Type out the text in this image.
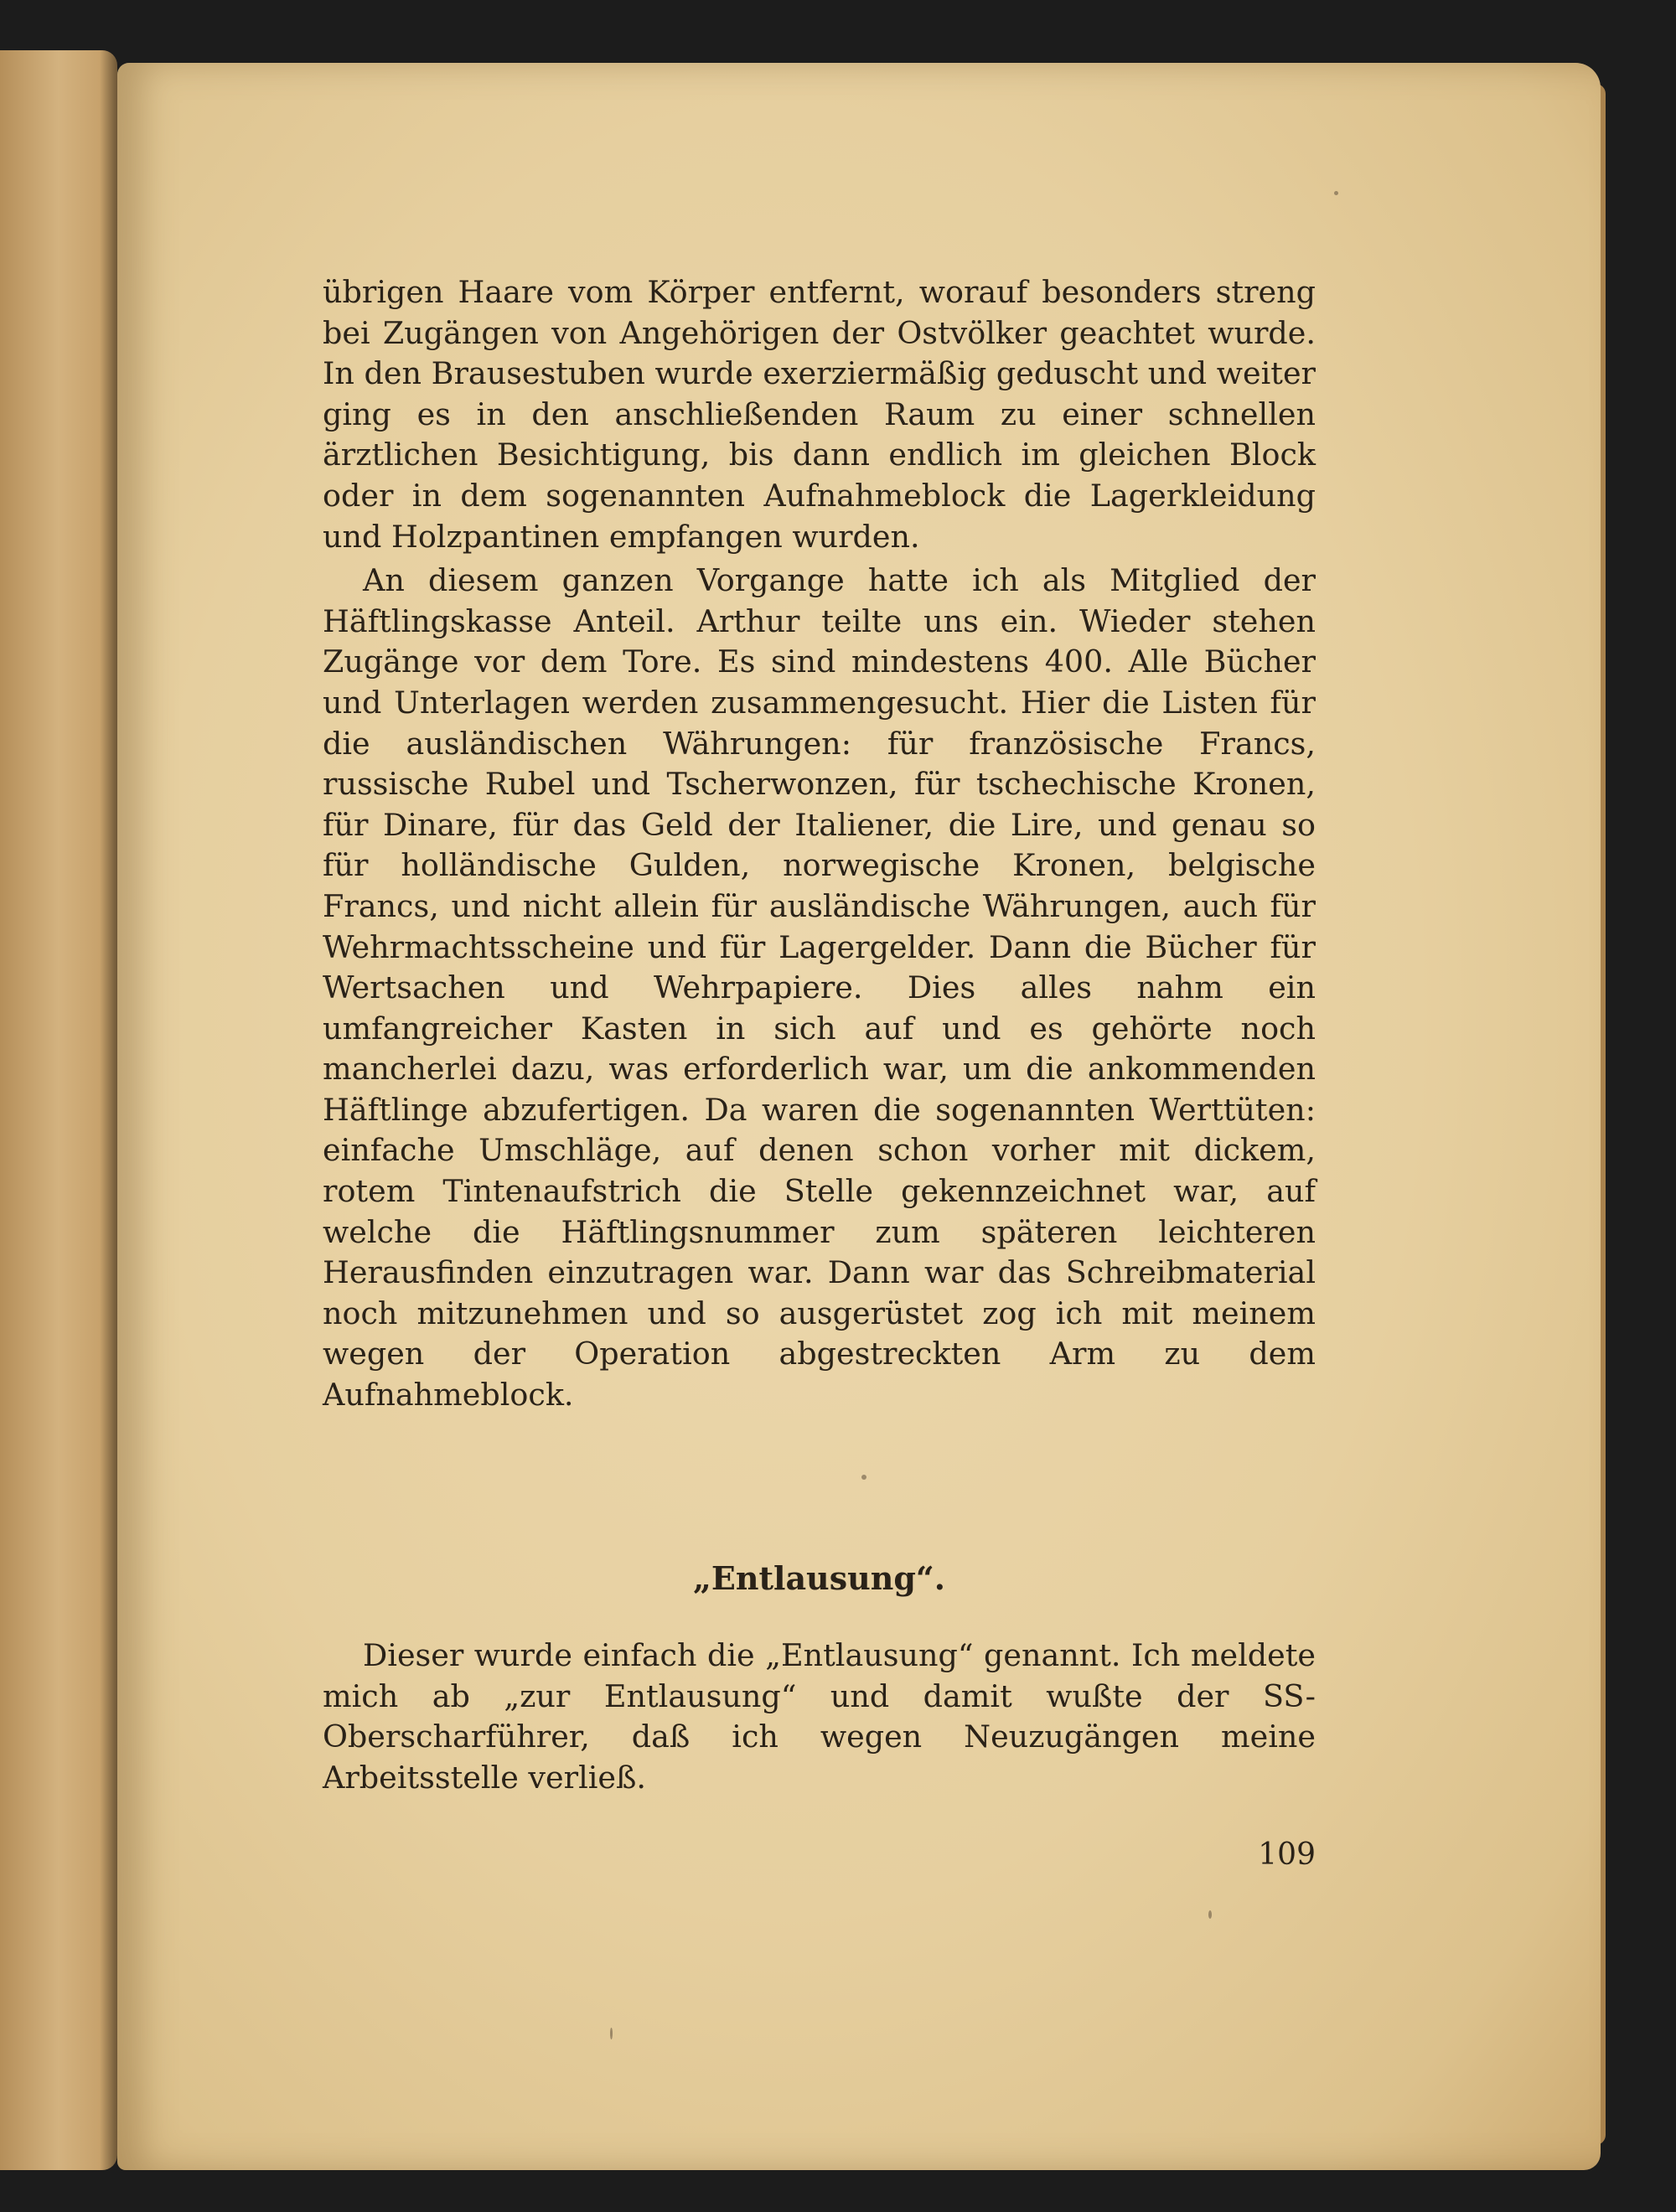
übrigen Haare vom Körper entfernt, worauf besonders streng bei Zugängen von Angehörigen der Ostvölker geachtet wurde. In den Brausestuben wurde exerziermäßig geduscht und weiter ging es in den anschließenden Raum zu einer schnellen ärztlichen Besichtigung, bis dann endlich im gleichen Block oder in dem sogenannten Aufnahmeblock die Lagerkleidung und Holzpantinen empfangen wurden.

An diesem ganzen Vorgange hatte ich als Mitglied der Häftlingskasse Anteil. Arthur teilte uns ein. Wieder stehen Zugänge vor dem Tore. Es sind mindestens 400. Alle Bücher und Unterlagen werden zusammengesucht. Hier die Listen für die ausländischen Währungen: für französische Francs, russische Rubel und Tscherwonzen, für tschechische Kronen, für Dinare, für das Geld der Italiener, die Lire, und genau so für holländische Gulden, norwegische Kronen, belgische Francs, und nicht allein für ausländische Währungen, auch für Wehrmachtsscheine und für Lagergelder. Dann die Bücher für Wertsachen und Wehrpapiere. Dies alles nahm ein umfangreicher Kasten in sich auf und es gehörte noch mancherlei dazu, was erforderlich war, um die ankommenden Häftlinge abzufertigen. Da waren die sogenannten Werttüten: einfache Umschläge, auf denen schon vorher mit dickem, rotem Tintenaufstrich die Stelle gekennzeichnet war, auf welche die Häftlingsnummer zum späteren leichteren Herausfinden einzutragen war. Dann war das Schreibmaterial noch mitzunehmen und so ausgerüstet zog ich mit meinem wegen der Operation abgestreckten Arm zu dem Aufnahmeblock.

„Entlausung“.

Dieser wurde einfach die „Entlausung“ genannt. Ich meldete mich ab „zur Entlausung“ und damit wußte der SS-Oberscharführer, daß ich wegen Neuzugängen meine Arbeitsstelle verließ.

109
